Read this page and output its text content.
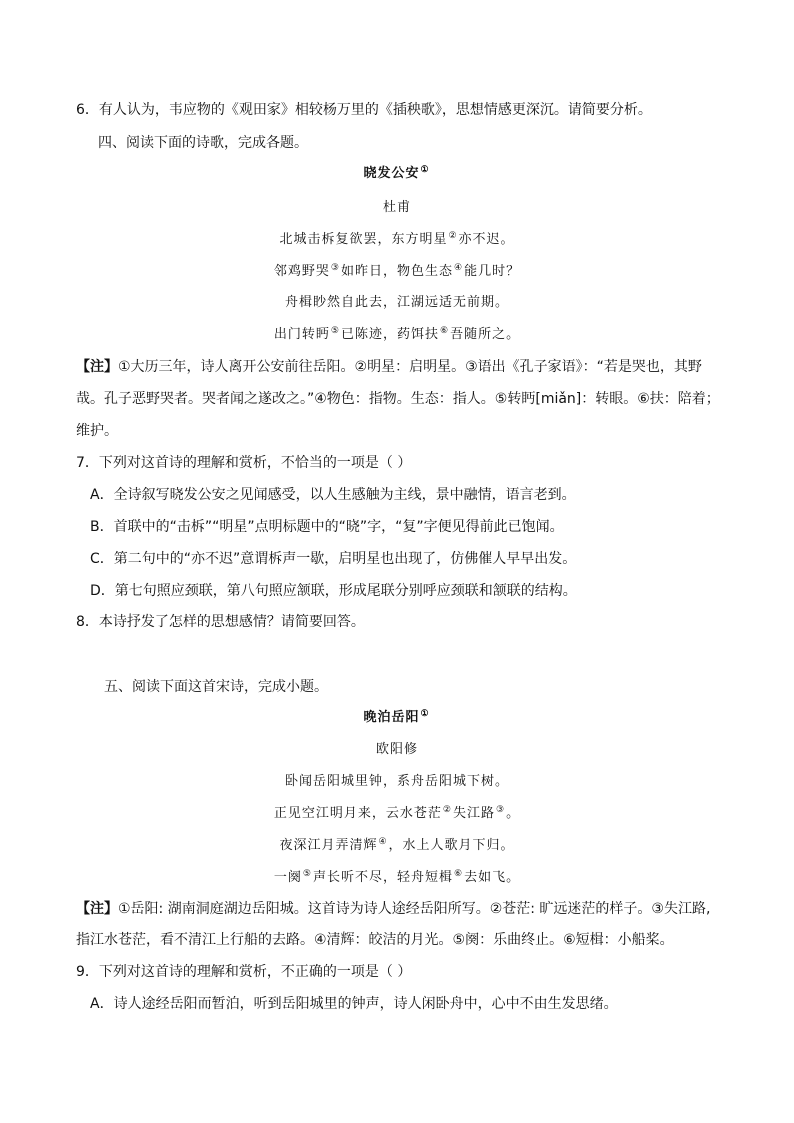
6．有人认为，韦应物的《观田家》相较杨万里的《插秧歌》，思想情感更深沉。请简要分析。
四、阅读下面的诗歌，完成各题。
晓发公安①
杜甫
北城击柝复欲罢，东方明星②亦不迟。
邻鸡野哭③如昨日，物色生态④能几时？
舟楫眇然自此去，江湖远适无前期。
出门转眄⑤已陈迹，药饵扶⑥吾随所之。
【注】①大历三年，诗人离开公安前往岳阳。②明星：启明星。③语出《孔子家语》：“若是哭也，其野
哉。孔子恶野哭者。哭者闻之遂改之。”④物色：指物。生态：指人。⑤转眄[miǎn]：转眼。⑥扶：陪着；
维护。
7．下列对这首诗的理解和赏析，不恰当的一项是（ ）
A．全诗叙写晓发公安之见闻感受，以人生感触为主线，景中融情，语言老到。
B．首联中的“击柝”“明星”点明标题中的“晓”字，“复”字便见得前此已饱闻。
C．第二句中的“亦不迟”意谓柝声一歇，启明星也出现了，仿佛催人早早出发。
D．第七句照应颈联，第八句照应颔联，形成尾联分别呼应颈联和颔联的结构。
8．本诗抒发了怎样的思想感情？请简要回答。
五、阅读下面这首宋诗，完成小题。
晚泊岳阳①
欧阳修
卧闻岳阳城里钟，系舟岳阳城下树。
正见空江明月来，云水苍茫②失江路③。
夜深江月弄清辉④，水上人歌月下归。
一阕⑤声长听不尽，轻舟短楫⑥去如飞。
【注】①岳阳: 湖南洞庭湖边岳阳城。这首诗为诗人途经岳阳所写。②苍茫: 旷远迷茫的样子。③失江路,
指江水苍茫，看不清江上行船的去路。④清辉：皎洁的月光。⑤阕：乐曲终止。⑥短楫：小船桨。
9．下列对这首诗的理解和赏析，不正确的一项是（ ）
A．诗人途经岳阳而暂泊，听到岳阳城里的钟声，诗人闲卧舟中，心中不由生发思绪。
